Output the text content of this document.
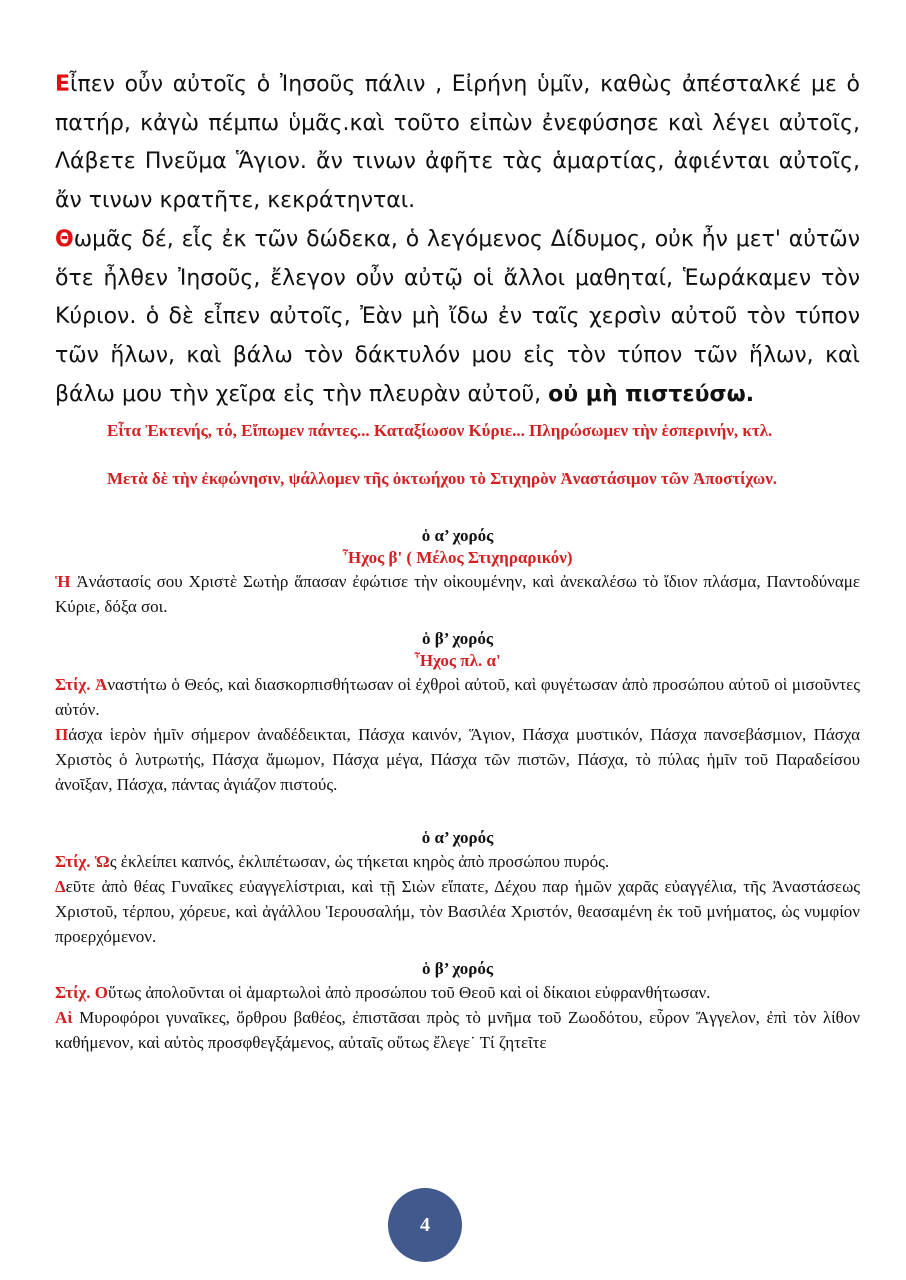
Εἶπεν οὖν αὐτοῖς ὁ Ἰησοῦς πάλιν , Εἰρήνη ὑμῖν, καθὼς ἀπέσταλκέ με ὁ πατήρ, κἀγὼ πέμπω ὑμᾶς.καὶ τοῦτο εἰπὼν ἐνεφύσησε καὶ λέγει αὐτοῖς, Λάβετε Πνεῦμα Ἅγιον. ἄν τινων ἀφῆτε τὰς ἁμαρτίας, ἀφιένται αὐτοῖς, ἄν τινων κρατῆτε, κεκράτηνται.

Θωμᾶς δέ, εἷς ἐκ τῶν δώδεκα, ὁ λεγόμενος Δίδυμος, οὐκ ἦν μετ' αὐτῶν ὅτε ἦλθεν Ἰησοῦς, ἔλεγον οὖν αὐτῷ οἱ ἄλλοι μαθηταί, Ἑωράκαμεν τὸν Κύριον. ὁ δὲ εἶπεν αὐτοῖς, Ἐὰν μὴ ἴδω ἐν ταῖς χερσὶν αὐτοῦ τὸν τύπον τῶν ἥλων, καὶ βάλω τὸν δάκτυλόν μου εἰς τὸν τύπον τῶν ἥλων, καὶ βάλω μου τὴν χεῖρα εἰς τὴν πλευρὰν αὐτοῦ, οὐ μὴ πιστεύσω.

Εἶτα Ἐκτενής, τό, Εἴπωμεν πάντες... Καταξίωσον Κύριε... Πληρώσωμεν τὴν ἑσπερινήν, κτλ.

Μετὰ δὲ τὴν ἐκφώνησιν, ψάλλομεν τῆς ὀκτωήχου τὸ Στιχηρὸν Ἀναστάσιμον τῶν Ἀποστίχων.

ὁ α’ χορός

Ἦχος β' ( Μέλος Στιχηραρικόν)

Ἡ Ἀνάστασίς σου Χριστὲ Σωτὴρ ἅπασαν ἐφώτισε τὴν οἰκουμένην, καὶ ἀνεκαλέσω τὸ ἴδιον πλάσμα, Παντοδύναμε Κύριε, δόξα σοι.

ὁ β’ χορός

Ἦχος πλ. α'

Στίχ. Ἀναστήτω ὁ Θεός, καὶ διασκορπισθήτωσαν οἱ ἐχθροὶ αὐτοῦ, καὶ φυγέτωσαν ἀπὸ προσώπου αὐτοῦ οἱ μισοῦντες αὐτόν.

Πάσχα ἱερὸν ἡμῖν σήμερον ἀναδέδεικται, Πάσχα καινόν, Ἅγιον, Πάσχα μυστικόν, Πάσχα πανσεβάσμιον, Πάσχα Χριστὸς ὁ λυτρωτής, Πάσχα ἄμωμον, Πάσχα μέγα, Πάσχα τῶν πιστῶν, Πάσχα, τὸ πύλας ἡμῖν τοῦ Παραδείσου ἀνοῖξαν, Πάσχα, πάντας ἁγιάζον πιστούς.

ὁ α’ χορός

Στίχ. Ὡς ἐκλείπει καπνός, ἐκλιπέτωσαν, ὡς τήκεται κηρὸς ἀπὸ προσώπου πυρός.

Δεῦτε ἀπὸ θέας Γυναῖκες εὐαγγελίστριαι, καὶ τῇ Σιὼν εἴπατε, Δέχου παρ ἡμῶν χαρᾶς εὐαγγέλια, τῆς Ἀναστάσεως Χριστοῦ, τέρπου, χόρευε, καὶ ἀγάλλου Ἱερουσαλήμ, τὸν Βασιλέα Χριστόν, θεασαμένη ἐκ τοῦ μνήματος, ὡς νυμφίον προερχόμενον.

ὁ β’ χορός

Στίχ. Οὕτως ἀπολοῦνται οἱ ἁμαρτωλοὶ ἀπὸ προσώπου τοῦ Θεοῦ καὶ οἱ δίκαιοι εὐφρανθήτωσαν.

Αἱ Μυροφόροι γυναῖκες, ὄρθρου βαθέος, ἐπιστᾶσαι πρὸς τὸ μνῆμα τοῦ Ζωοδότου, εὗρον Ἄγγελον, ἐπὶ τὸν λίθον καθήμενον, καὶ αὐτὸς προσφθεγξάμενος, αὐταῖς οὕτως ἔλεγε˙ Τί ζητεῖτε

4
